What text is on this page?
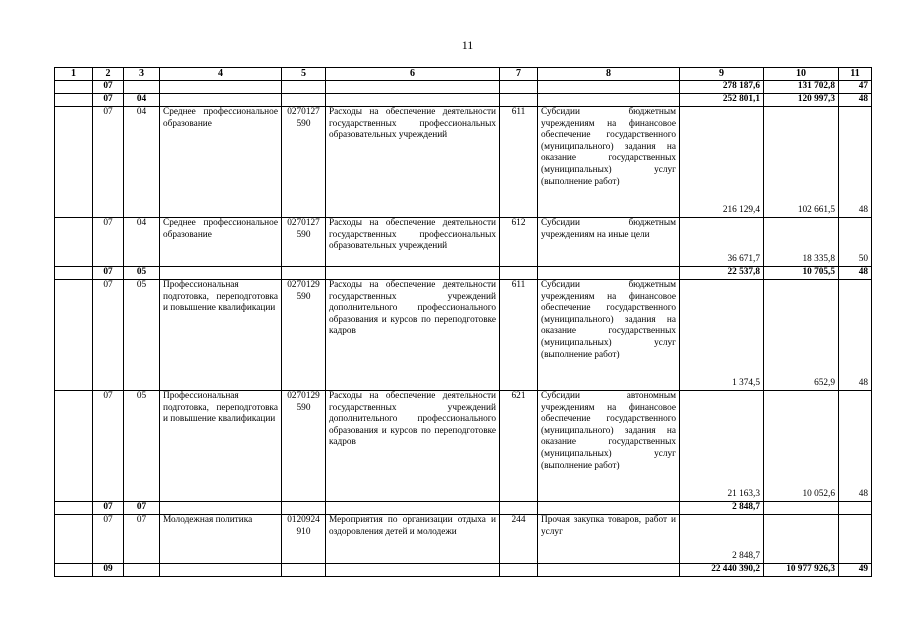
11
1	2	3	4	5	6	7	8	9	10	11
	07							278 187,6	131 702,8	47
	07	04						252 801,1	120 997,3	48
	07	04	Среднее профессиональное образование	0270127590	Расходы на обеспечение деятельности государственных профессиональных образовательных учреждений	611	Субсидии бюджетным учреждениям на финансовое обеспечение государственного (муниципального) задания на оказание государственных (муниципальных) услуг (выполнение работ)	216 129,4	102 661,5	48
	07	04	Среднее профессиональное образование	0270127590	Расходы на обеспечение деятельности государственных профессиональных образовательных учреждений	612	Субсидии бюджетным учреждениям на иные цели	36 671,7	18 335,8	50
	07	05						22 537,8	10 705,5	48
	07	05	Профессиональная подготовка, переподготовка и повышение квалификации	0270129590	Расходы на обеспечение деятельности государственных учреждений дополнительного профессионального образования и курсов по переподготовке кадров	611	Субсидии бюджетным учреждениям на финансовое обеспечение государственного (муниципального) задания на оказание государственных (муниципальных) услуг (выполнение работ)	1 374,5	652,9	48
	07	05	Профессиональная подготовка, переподготовка и повышение квалификации	0270129590	Расходы на обеспечение деятельности государственных учреждений дополнительного профессионального образования и курсов по переподготовке кадров	621	Субсидии автономным учреждениям на финансовое обеспечение государственного (муниципального) задания на оказание государственных (муниципальных) услуг (выполнение работ)	21 163,3	10 052,6	48
	07	07						2 848,7		
	07	07	Молодежная политика	0120924910	Мероприятия по организации отдыха и оздоровления детей и молодежи	244	Прочая закупка товаров, работ и услуг	2 848,7		
	09							22 440 390,2	10 977 926,3	49
